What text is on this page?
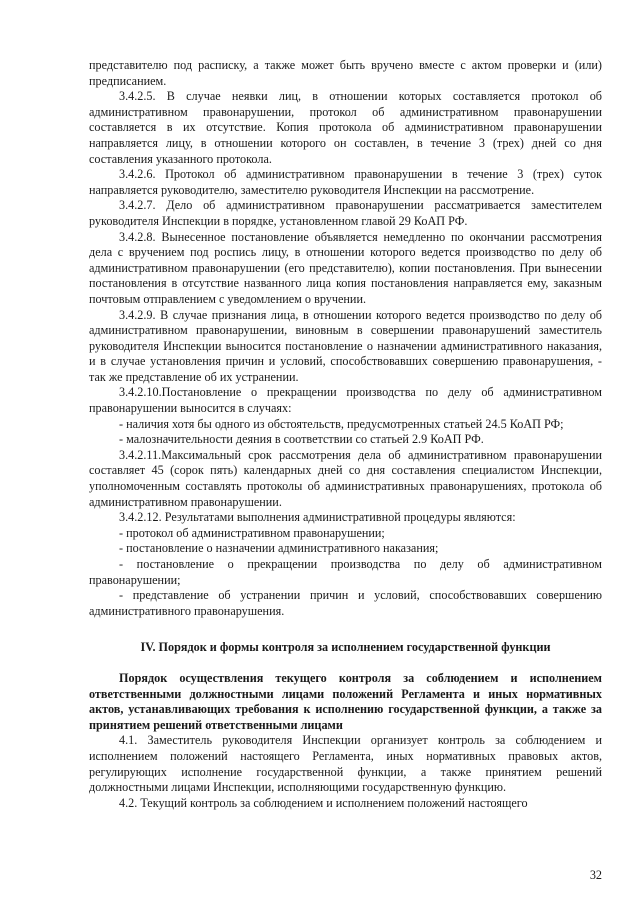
представителю под расписку, а также может быть вручено вместе с актом проверки и (или) предписанием.

3.4.2.5. В случае неявки лиц, в отношении которых составляется протокол об административном правонарушении, протокол об административном правонарушении составляется в их отсутствие. Копия протокола об административном правонарушении направляется лицу, в отношении которого он составлен, в течение 3 (трех) дней со дня составления указанного протокола.

3.4.2.6. Протокол об административном правонарушении в течение 3 (трех) суток направляется руководителю, заместителю руководителя Инспекции на рассмотрение.

3.4.2.7. Дело об административном правонарушении рассматривается заместителем руководителя Инспекции в порядке, установленном главой 29 КоАП РФ.

3.4.2.8. Вынесенное постановление объявляется немедленно по окончании рассмотрения дела с вручением под роспись лицу, в отношении которого ведется производство по делу об административном правонарушении (его представителю), копии постановления. При вынесении постановления в отсутствие названного лица копия постановления направляется ему, заказным почтовым отправлением с уведомлением о вручении.

3.4.2.9. В случае признания лица, в отношении которого ведется производство по делу об административном правонарушении, виновным в совершении правонарушений заместитель руководителя Инспекции выносится постановление о назначении административного наказания, и в случае установления причин и условий, способствовавших совершению правонарушения, - так же представление об их устранении.

3.4.2.10.Постановление о прекращении производства по делу об административном правонарушении выносится в случаях:

- наличия хотя бы одного из обстоятельств, предусмотренных статьей 24.5 КоАП РФ;

- малозначительности деяния в соответствии со статьей 2.9 КоАП РФ.

3.4.2.11.Максимальный срок рассмотрения дела об административном правонарушении составляет 45 (сорок пять) календарных дней со дня составления специалистом Инспекции, уполномоченным составлять протоколы об административных правонарушениях, протокола об административном правонарушении.

3.4.2.12. Результатами выполнения административной процедуры являются:

- протокол об административном правонарушении;

- постановление о назначении административного наказания;

- постановление о прекращении производства по делу об административном правонарушении;

- представление об устранении причин и условий, способствовавших совершению административного правонарушения.

IV. Порядок и формы контроля за исполнением государственной функции

Порядок осуществления текущего контроля за соблюдением и исполнением ответственными должностными лицами положений Регламента и иных нормативных актов, устанавливающих требования к исполнению государственной функции, а также за принятием решений ответственными лицами

4.1. Заместитель руководителя Инспекции организует контроль за соблюдением и исполнением положений настоящего Регламента, иных нормативных правовых актов, регулирующих исполнение государственной функции, а также принятием решений должностными лицами Инспекции, исполняющими государственную функцию.

4.2. Текущий контроль за соблюдением и исполнением положений настоящего

32
